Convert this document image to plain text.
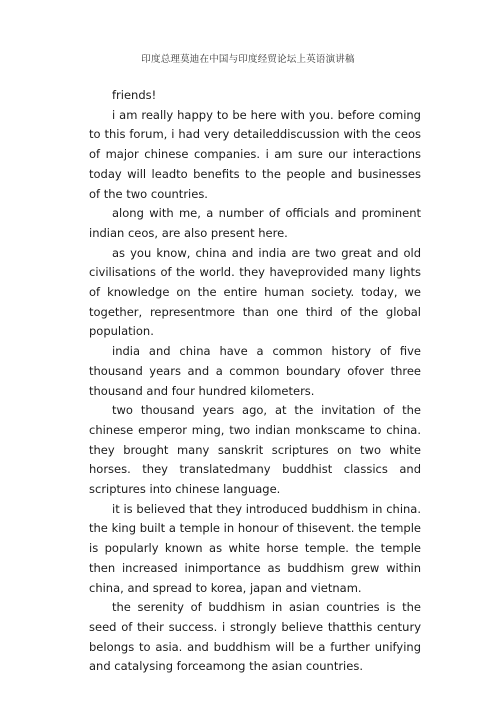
印度总理莫迪在中国与印度经贸论坛上英语演讲稿

friends!

i am really happy to be here with you. before coming to this forum, i had very detaileddiscussion with the ceos of major chinese companies. i am sure our interactions today will leadto benefits to the people and businesses of the two countries.

along with me, a number of officials and prominent indian ceos, are also present here.

as you know, china and india are two great and old civilisations of the world. they haveprovided many lights of knowledge on the entire human society. today, we together, representmore than one third of the global population.

india and china have a common history of five thousand years and a common boundary ofover three thousand and four hundred kilometers.

two thousand years ago, at the invitation of the chinese emperor ming, two indian monkscame to china. they brought many sanskrit scriptures on two white horses. they translatedmany buddhist classics and scriptures into chinese language.

it is believed that they introduced buddhism in china. the king built a temple in honour of thisevent. the temple is popularly known as white horse temple. the temple then increased inimportance as buddhism grew within china, and spread to korea, japan and vietnam.

the serenity of buddhism in asian countries is the seed of their success. i strongly believe thatthis century belongs to asia. and buddhism will be a further unifying and catalysing forceamong the asian countries.
